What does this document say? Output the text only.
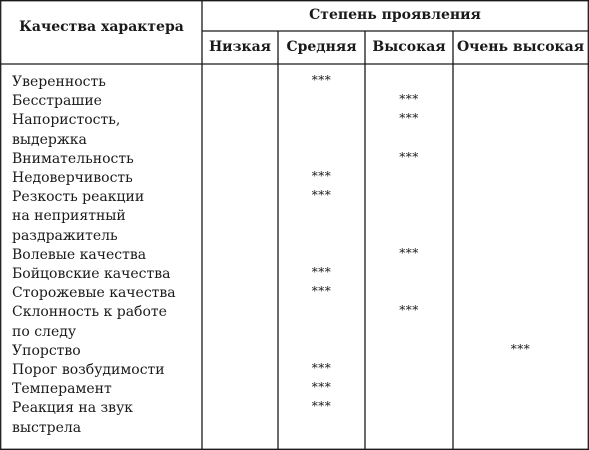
Качества характера
Степень проявления
Низкая	Средняя	Высокая Очень высокая
Уверенность
Бесстрашие
Напористость,
выдержка
Внимательность
Недоверчивость
Резкость реакции
на неприятный
раздражитель
Волевые качества
Бойцовские качества
Сторожевые качества
Склонность к работе
по следу
Упорство
Порог возбудимости
Темперамент
Реакция на звук
выстрела
***
***
***
***
***
***
***
***
***
***
***
***
***
***
